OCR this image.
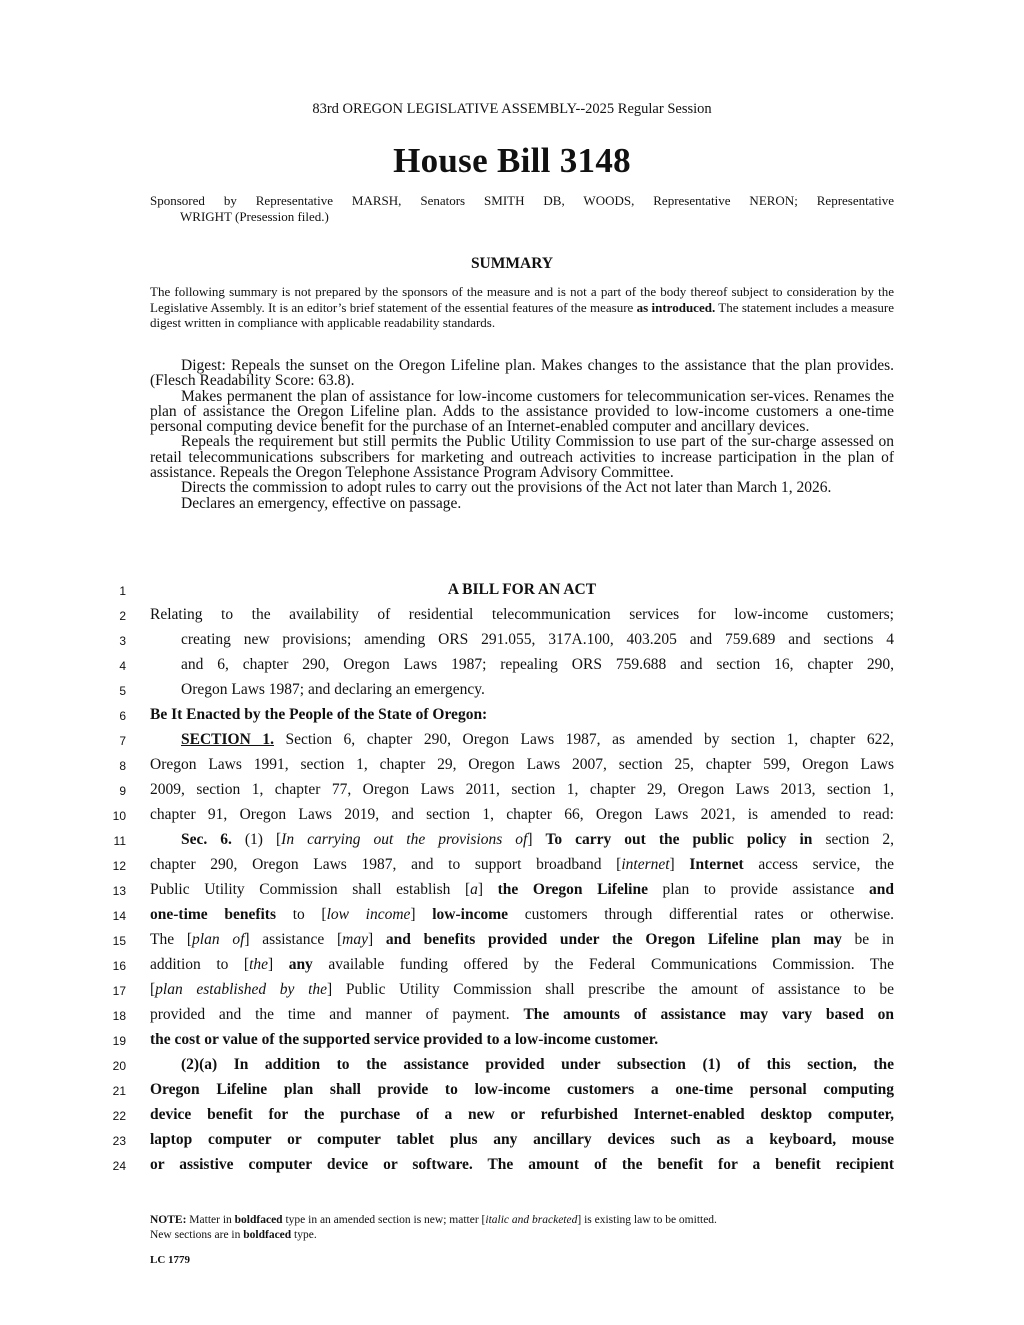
83rd OREGON LEGISLATIVE ASSEMBLY--2025 Regular Session
House Bill 3148
Sponsored by Representative MARSH, Senators SMITH DB, WOODS, Representative NERON; Representative
WRIGHT (Presession filed.)
SUMMARY
The following summary is not prepared by the sponsors of the measure and is not a part of the body thereof subject to consideration by the Legislative Assembly. It is an editor’s brief statement of the essential features of the measure as introduced. The statement includes a measure digest written in compliance with applicable readability standards.

Digest: Repeals the sunset on the Oregon Lifeline plan. Makes changes to the assistance that the plan provides. (Flesch Readability Score: 63.8).

Makes permanent the plan of assistance for low-income customers for telecommunication ser-vices. Renames the plan of assistance the Oregon Lifeline plan. Adds to the assistance provided to low-income customers a one-time personal computing device benefit for the purchase of an Internet-enabled computer and ancillary devices.

Repeals the requirement but still permits the Public Utility Commission to use part of the sur-charge assessed on retail telecommunications subscribers for marketing and outreach activities to increase participation in the plan of assistance. Repeals the Oregon Telephone Assistance Program Advisory Committee.

Directs the commission to adopt rules to carry out the provisions of the Act not later than March 1, 2026.

Declares an emergency, effective on passage.

1
2
3
4
5
6
7
8
9
10
11
12
13
14
15
16
17
18
19
20
21
22
23
24
A BILL FOR AN ACT
Relating to the availability of residential telecommunication services for low-income customers;
creating new provisions; amending ORS 291.055, 317A.100, 403.205 and 759.689 and sections 4
and 6, chapter 290, Oregon Laws 1987; repealing ORS 759.688 and section 16, chapter 290,
Oregon Laws 1987; and declaring an emergency.
Be It Enacted by the People of the State of Oregon:
SECTION 1. Section 6, chapter 290, Oregon Laws 1987, as amended by section 1, chapter 622,
Oregon Laws 1991, section 1, chapter 29, Oregon Laws 2007, section 25, chapter 599, Oregon Laws
2009, section 1, chapter 77, Oregon Laws 2011, section 1, chapter 29, Oregon Laws 2013, section 1,
chapter 91, Oregon Laws 2019, and section 1, chapter 66, Oregon Laws 2021, is amended to read:
Sec. 6. (1) [In carrying out the provisions of] To carry out the public policy in section 2,
chapter 290, Oregon Laws 1987, and to support broadband [internet] Internet access service, the
Public Utility Commission shall establish [a] the Oregon Lifeline plan to provide assistance and
one-time benefits to [low income] low-income customers through differential rates or otherwise.
The [plan of] assistance [may] and benefits provided under the Oregon Lifeline plan may be in
addition to [the] any available funding offered by the Federal Communications Commission. The
[plan established by the] Public Utility Commission shall prescribe the amount of assistance to be
provided and the time and manner of payment. The amounts of assistance may vary based on
the cost or value of the supported service provided to a low-income customer.
(2)(a) In addition to the assistance provided under subsection (1) of this section, the
Oregon Lifeline plan shall provide to low-income customers a one-time personal computing
device benefit for the purchase of a new or refurbished Internet-enabled desktop computer,
laptop computer or computer tablet plus any ancillary devices such as a keyboard, mouse
or assistive computer device or software. The amount of the benefit for a benefit recipient
NOTE: Matter in boldfaced type in an amended section is new; matter [italic and bracketed] is existing law to be omitted.
New sections are in boldfaced type.
LC 1779
